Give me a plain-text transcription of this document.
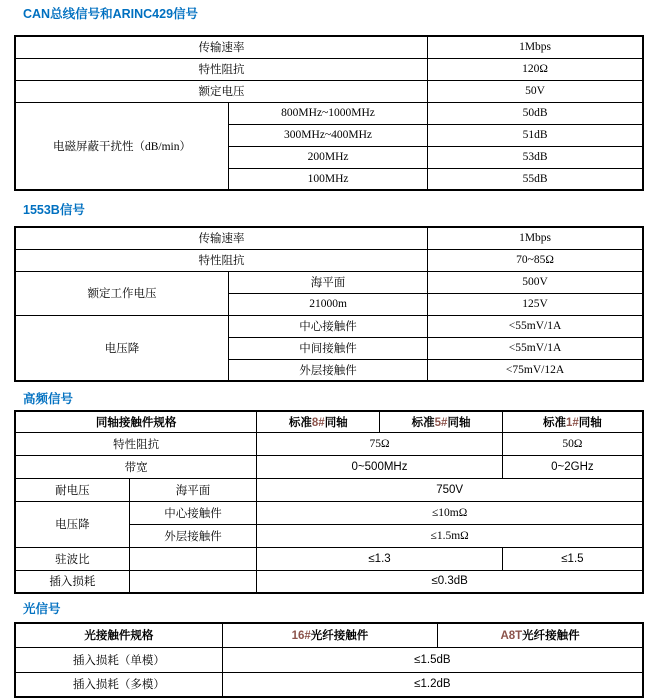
CAN总线信号和ARINC429信号
传输速率		1Mbps
特性阻抗		120Ω
额定电压		50V
电磁屏蔽干扰性（dB/min）	800MHz~1000MHz	50dB
	300MHz~400MHz	51dB
	200MHz	53dB
	100MHz	55dB
1553B信号
传输速率		1Mbps
特性阻抗		70~85Ω
额定工作电压	海平面	500V
	21000m	125V
电压降	中心接触件	<55mV/1A
	中间接触件	<55mV/1A
	外层接触件	<75mV/12A
高频信号
同轴接触件规格		标准8#同轴	标准5#同轴	标准1#同轴
特性阻抗		75Ω		50Ω
带宽		0~500MHz		0~2GHz
耐电压	海平面	750V		
电压降	中心接触件	≤10mΩ		
	外层接触件	≤1.5mΩ		
驻波比		≤1.3		≤1.5
插入损耗		≤0.3dB		
光信号
光接触件规格	16#光纤接触件	A8T光纤接触件
插入损耗（单模）	≤1.5dB	
插入损耗（多模）	≤1.2dB	
